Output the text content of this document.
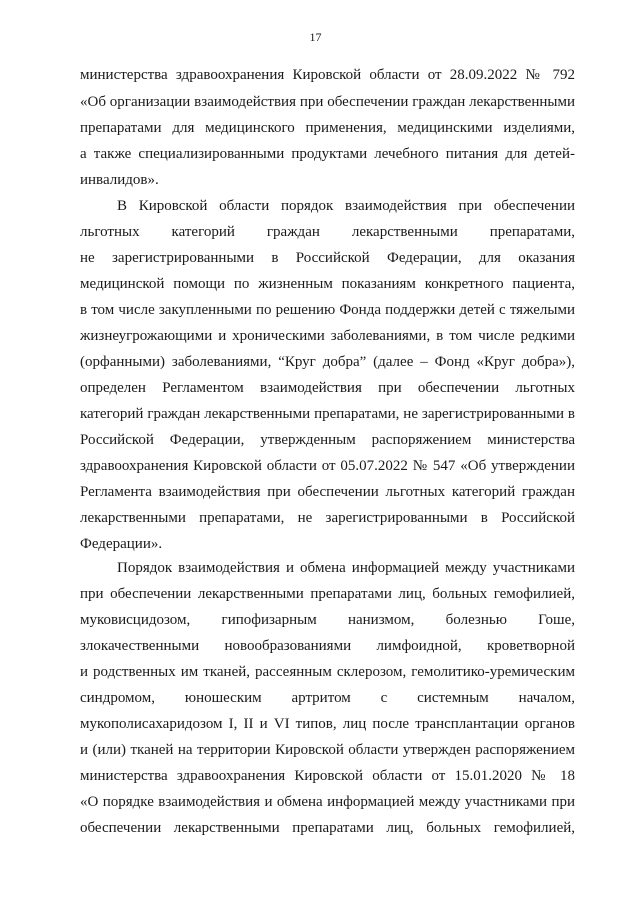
17
министерства здравоохранения Кировской области от 28.09.2022 № 792
«Об организации взаимодействия при обеспечении граждан лекарственными
препаратами для медицинского применения, медицинскими изделиями,
а также специализированными продуктами лечебного питания для детей-
инвалидов».
В Кировской области порядок взаимодействия при обеспечении
льготных категорий граждан лекарственными препаратами,
не зарегистрированными в Российской Федерации, для оказания
медицинской помощи по жизненным показаниям конкретного пациента,
в том числе закупленными по решению Фонда поддержки детей с тяжелыми
жизнеугрожающими и хроническими заболеваниями, в том числе редкими
(орфанными) заболеваниями, “Круг добра” (далее – Фонд «Круг добра»),
определен Регламентом взаимодействия при обеспечении льготных
категорий граждан лекарственными препаратами, не зарегистрированными в
Российской Федерации, утвержденным распоряжением министерства
здравоохранения Кировской области от 05.07.2022 № 547 «Об утверждении
Регламента взаимодействия при обеспечении льготных категорий граждан
лекарственными препаратами, не зарегистрированными в Российской
Федерации».
Порядок взаимодействия и обмена информацией между участниками
при обеспечении лекарственными препаратами лиц, больных гемофилией,
муковисцидозом, гипофизарным нанизмом, болезнью Гоше,
злокачественными новообразованиями лимфоидной, кроветворной
и родственных им тканей, рассеянным склерозом, гемолитико-уремическим
синдромом, юношеским артритом с системным началом,
мукополисахаридозом I, II и VI типов, лиц после трансплантации органов
и (или) тканей на территории Кировской области утвержден распоряжением
министерства здравоохранения Кировской области от 15.01.2020 № 18
«О порядке взаимодействия и обмена информацией между участниками при
обеспечении лекарственными препаратами лиц, больных гемофилией,
